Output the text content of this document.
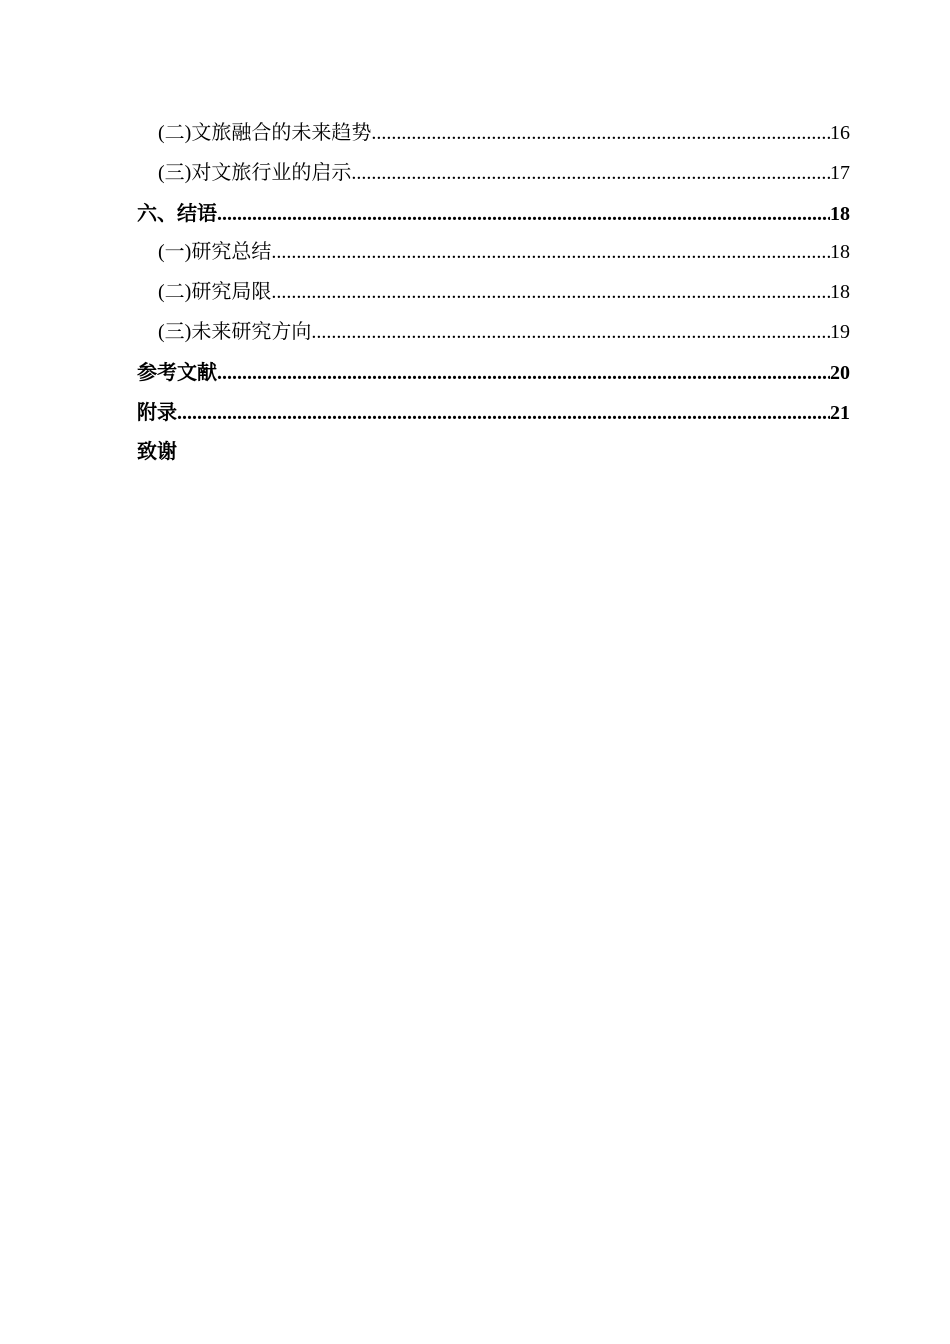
(二)文旅融合的未来趋势 .....	16
(三)对文旅行业的启示 .....	17
六、结语 .....	18
(一)研究总结 .....	18
(二)研究局限 .....	18
(三)未来研究方向 .....	19
参考文献 .....	20
附录 .....	21
致谢
